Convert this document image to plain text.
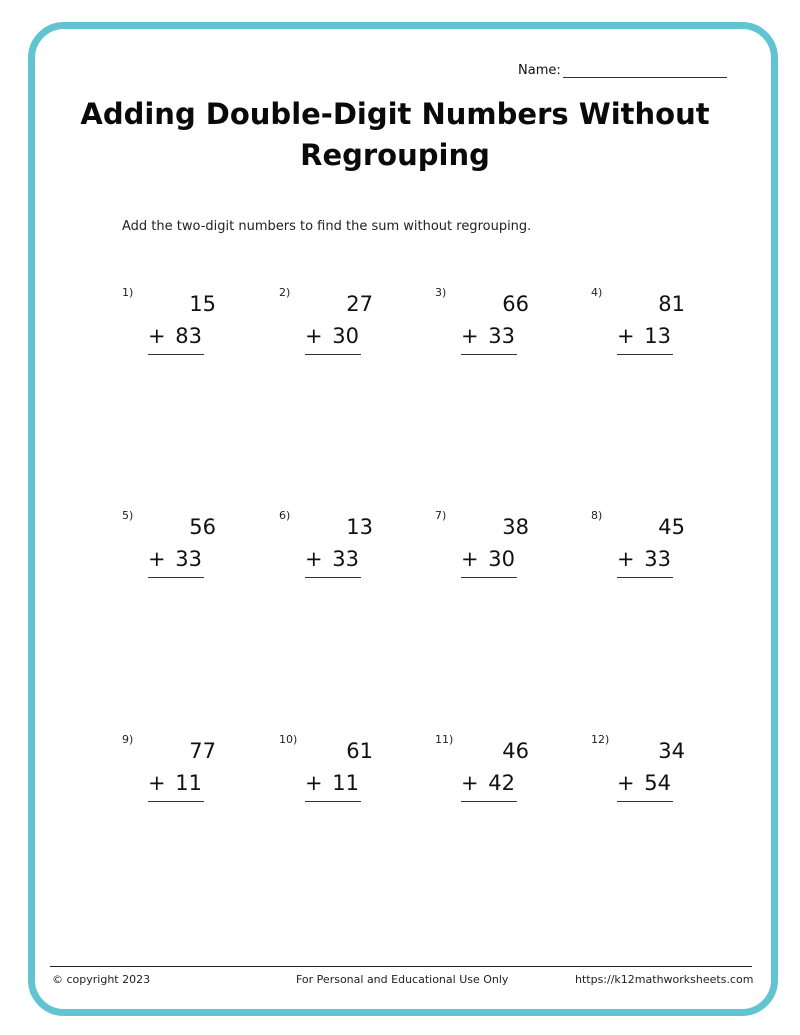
Name:
Adding Double-Digit Numbers Without Regrouping
Add the two-digit numbers to find the sum without regrouping.
1)	15
+ 83
2)	27
+ 30
3)	66
+ 33
4)	81
+ 13
5)	56
+ 33
6)	13
+ 33
7)	38
+ 30
8)	45
+ 33
9)	77
+ 11
10) 61
+ 11
11) 46
+ 42
12) 34
+ 54
© copyright 2023	For Personal and Educational Use Only	https://k12mathworksheets.com
